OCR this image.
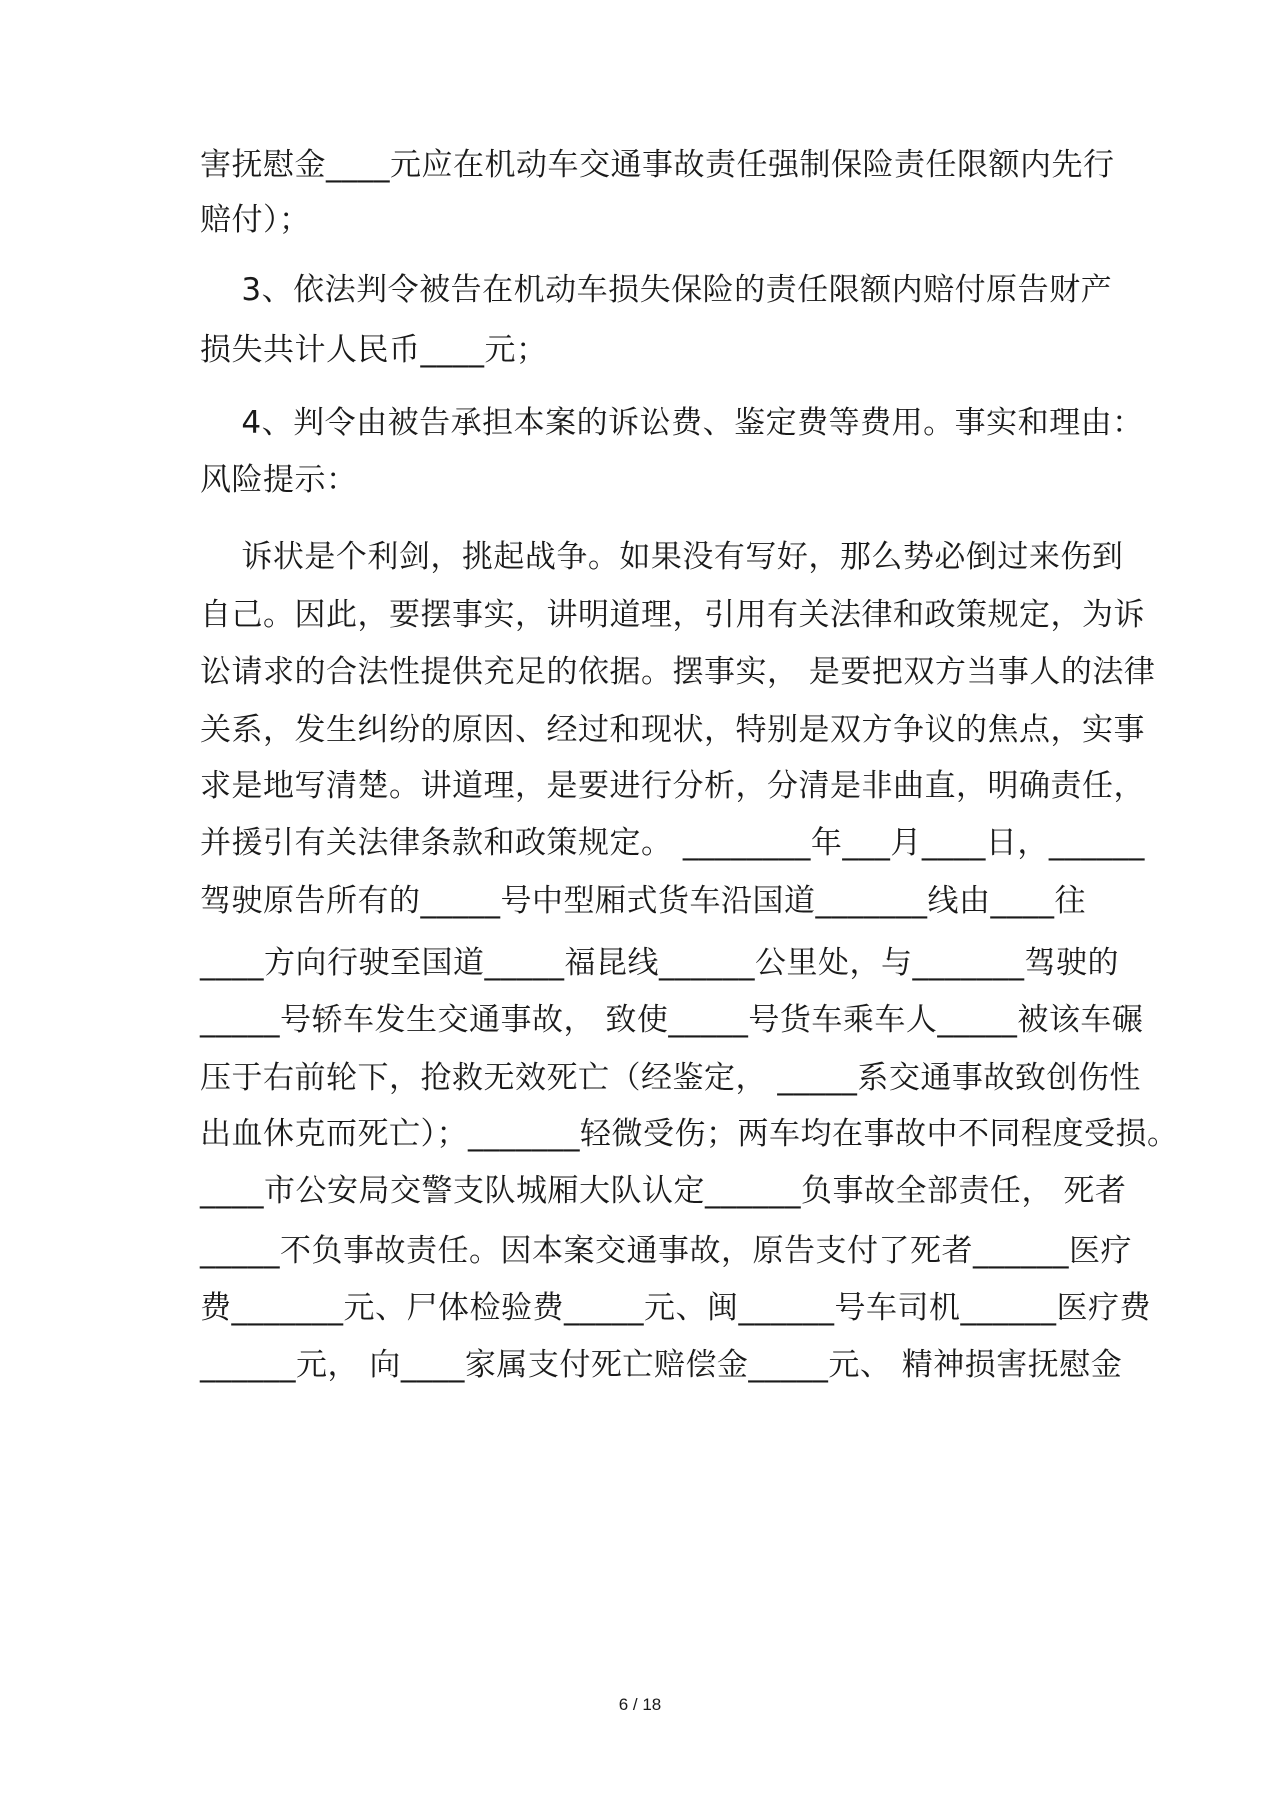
害抚慰金____元应在机动车交通事故责任强制保险责任限额内先行
赔付）；
3、依法判令被告在机动车损失保险的责任限额内赔付原告财产
损失共计人民币____元；
4、判令由被告承担本案的诉讼费、鉴定费等费用。事实和理由：
风险提示：
诉状是个利剑，挑起战争。如果没有写好，那么势必倒过来伤到
自己。因此，要摆事实，讲明道理，引用有关法律和政策规定，为诉
讼请求的合法性提供充足的依据。摆事实， 是要把双方当事人的法律
关系，发生纠纷的原因、经过和现状，特别是双方争议的焦点，实事
求是地写清楚。讲道理，是要进行分析，分清是非曲直，明确责任，
并援引有关法律条款和政策规定。 ________年___月____日，______
驾驶原告所有的_____号中型厢式货车沿国道_______线由____往
____方向行驶至国道_____福昆线______公里处，与_______驾驶的
_____号轿车发生交通事故， 致使_____号货车乘车人_____被该车碾
压于右前轮下，抢救无效死亡（经鉴定， _____系交通事故致创伤性
出血休克而死亡）；_______轻微受伤；两车均在事故中不同程度受损。
____市公安局交警支队城厢大队认定______负事故全部责任， 死者
_____不负事故责任。因本案交通事故，原告支付了死者______医疗
费_______元、尸体检验费_____元、闽______号车司机______医疗费
______元， 向____家属支付死亡赔偿金_____元、 精神损害抚慰金
6 / 18
